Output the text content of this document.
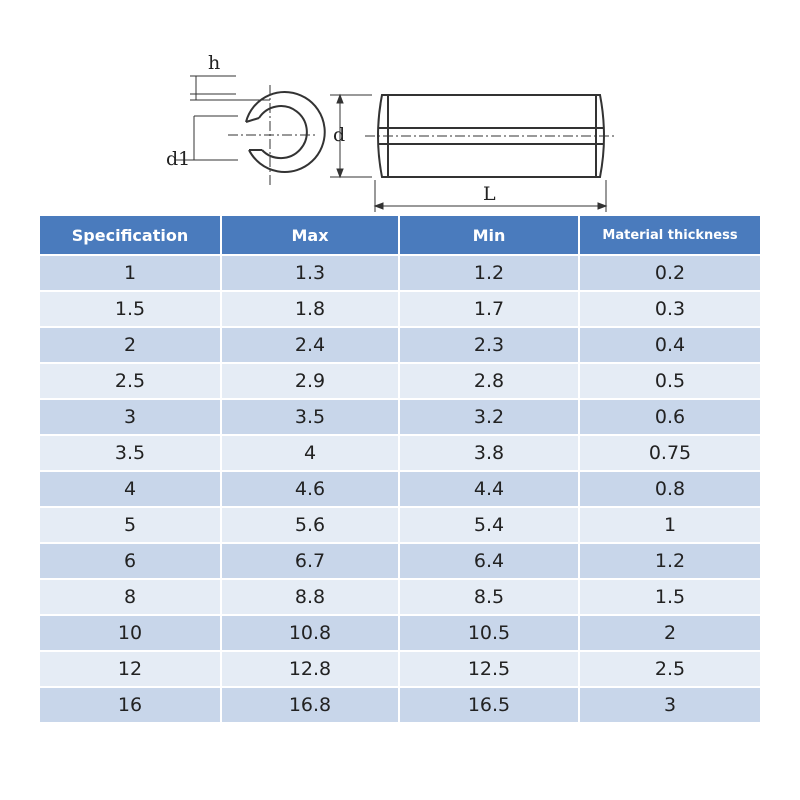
h
d1
d
L
Specification	Max	Min	Material thickness
1	1.3	1.2	0.2
1.5	1.8	1.7	0.3
2	2.4	2.3	0.4
2.5	2.9	2.8	0.5
3	3.5	3.2	0.6
3.5	4	3.8	0.75
4	4.6	4.4	0.8
5	5.6	5.4	1
6	6.7	6.4	1.2
8	8.8	8.5	1.5
10	10.8	10.5	2
12	12.8	12.5	2.5
16	16.8	16.5	3
